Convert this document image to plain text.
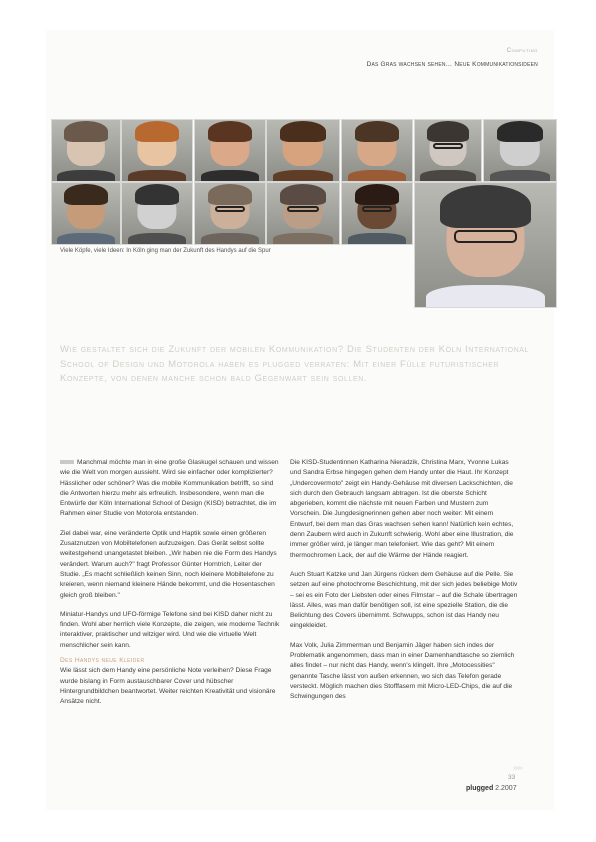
Computing
Das Gras wachsen sehen… Neue Kommunikationsideen
Viele Köpfe, viele Ideen: In Köln ging man der Zukunft des Handys auf die Spur
Wie gestaltet sich die Zukunft der mobilen Kommunikation? Die Studenten der Köln International School of Design und Motorola haben es plugged verraten: Mit einer Fülle futuristischer Konzepte, von denen manche schon bald Gegenwart sein sollen.

Manchmal möchte man in eine große Glaskugel schauen und wissen wie die Welt von morgen aussieht. Wird sie einfacher oder komplizierter? Hässlicher oder schöner? Was die mobile Kommunikation betrifft, so sind die Antworten hierzu mehr als erfreulich. Insbesondere, wenn man die Entwürfe der Köln International School of Design (KISD) betrachtet, die im Rahmen einer Studie von Motorola entstanden.

Ziel dabei war, eine veränderte Optik und Haptik sowie einen größeren Zusatznutzen von Mobiltelefonen aufzuzeigen. Das Gerät selbst sollte weitestgehend unangetastet bleiben. „Wir haben nie die Form des Handys verändert. Warum auch?" fragt Professor Günter Horntrich, Leiter der Studie. „Es macht schließlich keinen Sinn, noch kleinere Mobiltelefone zu kreieren, wenn niemand kleinere Hände bekommt, und die Hosentaschen gleich groß bleiben."

Miniatur-Handys und UFO-förmige Telefone sind bei KISD daher nicht zu finden. Wohl aber herrlich viele Konzepte, die zeigen, wie moderne Technik interaktiver, praktischer und witziger wird. Und wie die virtuelle Welt menschlicher sein kann.

Des Handys neue Kleider

Wie lässt sich dem Handy eine persönliche Note verleihen? Diese Frage wurde bislang in Form austauschbarer Cover und hübscher Hintergrundbildchen beantwortet. Weiter reichten Kreativität und visionäre Ansätze nicht.

Die KISD-Studentinnen Katharina Nieradzik, Christina Marx, Yvonne Lukas und Sandra Erbse hingegen gehen dem Handy unter die Haut. Ihr Konzept „Undercovermoto" zeigt ein Handy-Gehäuse mit diversen Lackschichten, die sich durch den Gebrauch langsam abtragen. Ist die oberste Schicht abgerieben, kommt die nächste mit neuen Farben und Mustern zum Vorschein. Die Jungdesignerinnen gehen aber noch weiter: Mit einem Entwurf, bei dem man das Gras wachsen sehen kann! Natürlich kein echtes, denn Zaubern wird auch in Zukunft schwierig. Wohl aber eine Illustration, die immer größer wird, je länger man telefoniert. Wie das geht? Mit einem thermochromen Lack, der auf die Wärme der Hände reagiert.

Auch Stuart Katzke und Jan Jürgens rücken dem Gehäuse auf die Pelle. Sie setzen auf eine photochrome Beschichtung, mit der sich jedes beliebige Motiv – sei es ein Foto der Liebsten oder eines Filmstar – auf die Schale übertragen lässt. Alles, was man dafür benötigen soll, ist eine spezielle Station, die die Belichtung des Covers übernimmt. Schwupps, schon ist das Handy neu eingekleidet.

Max Volk, Julia Zimmerman und Benjamin Jäger haben sich indes der Problematik angenommen, dass man in einer Damenhandtasche so ziemlich alles findet – nur nicht das Handy, wenn's klingelt. Ihre „Motocessities" genannte Tasche lässt von außen erkennen, wo sich das Telefon gerade versteckt. Möglich machen dies Stofffasern mit Micro-LED-Chips, die auf die Schwingungen des

»»»
33
plugged 2.2007
